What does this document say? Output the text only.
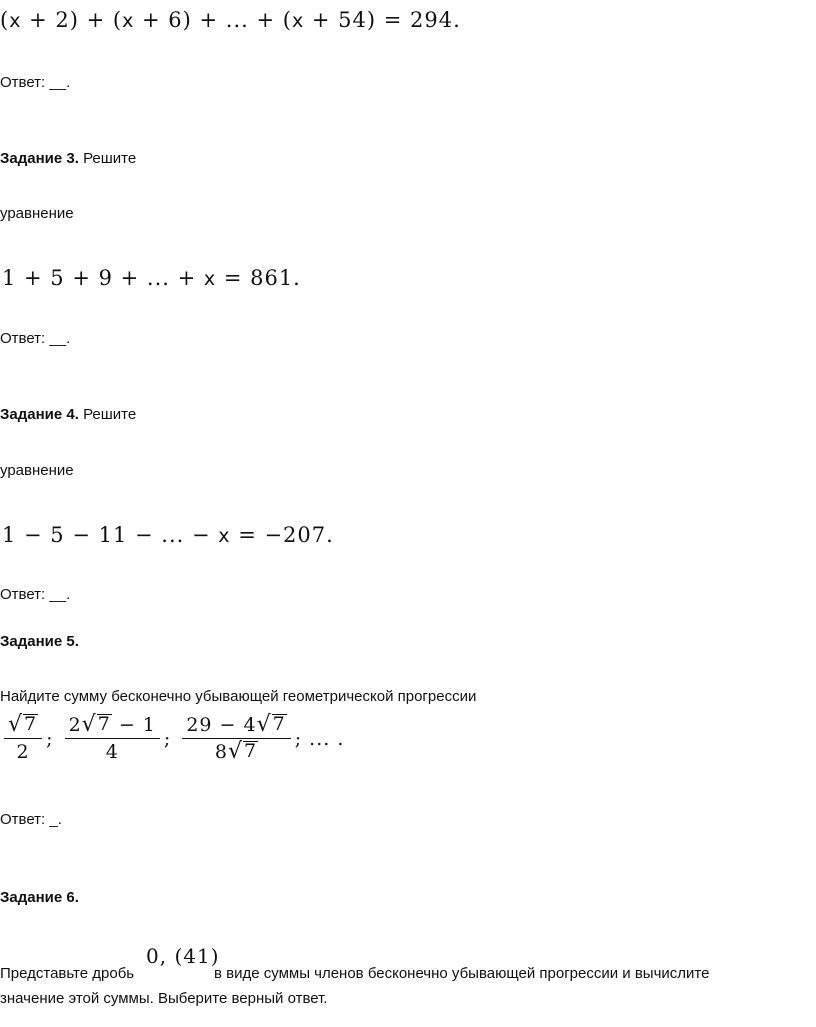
(x + 2) + (x + 6) + ... + (x + 54) = 294.
Ответ: __.
Задание 3. Решите
уравнение
1 + 5 + 9 + ... + x = 861.
Ответ: __.
Задание 4. Решите
уравнение
1 − 5 − 11 − ... − x = −207.
Ответ: __.
Задание 5.
Найдите сумму бесконечно убывающей геометрической прогрессии
$\frac{√ 7}{2}$ ; $\frac{2 √ 7 - 1}{4}$ ; $\frac{29 - 4 √ 7}{8 √ 7}$ ; ... .
Ответ: _.
Задание 6.
0, (41)
Представьте дробь	в виде суммы членов бесконечно убывающей прогрессии и вычислите
значение этой суммы. Выберите верный ответ.
